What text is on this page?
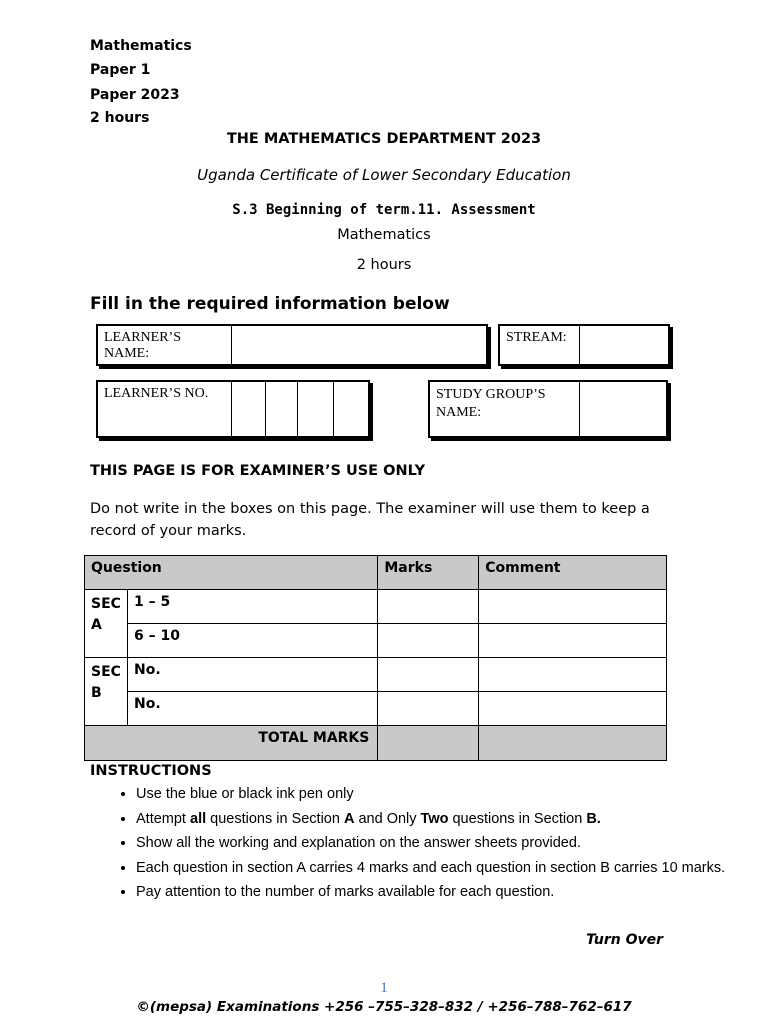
Mathematics
Paper 1
Paper 2023
2 hours
THE MATHEMATICS DEPARTMENT 2023
Uganda Certificate of Lower Secondary Education
S.3 Beginning of term.11. Assessment
Mathematics
2 hours
Fill in the required information below
LEARNER’S NAME:
STREAM:
LEARNER’S NO.	STUDY GROUP’S NAME:
THIS PAGE IS FOR EXAMINER’S USE ONLY
Do not write in the boxes on this page. The examiner will use them to keep a record of your marks.
Question		Marks	Comment
SEC A	1 – 5		
	6 – 10		
SEC B	No.		
	No.		
TOTAL MARKS			
INSTRUCTIONS
• Use the blue or black ink pen only
• Attempt all questions in Section A and Only Two questions in Section B.
• Show all the working and explanation on the answer sheets provided.
• Each question in section A carries 4 marks and each question in section B carries 10 marks.
• Pay attention to the number of marks available for each question.
Turn Over
1
©(mepsa) Examinations +256 –755–328–832 / +256–788–762–617
